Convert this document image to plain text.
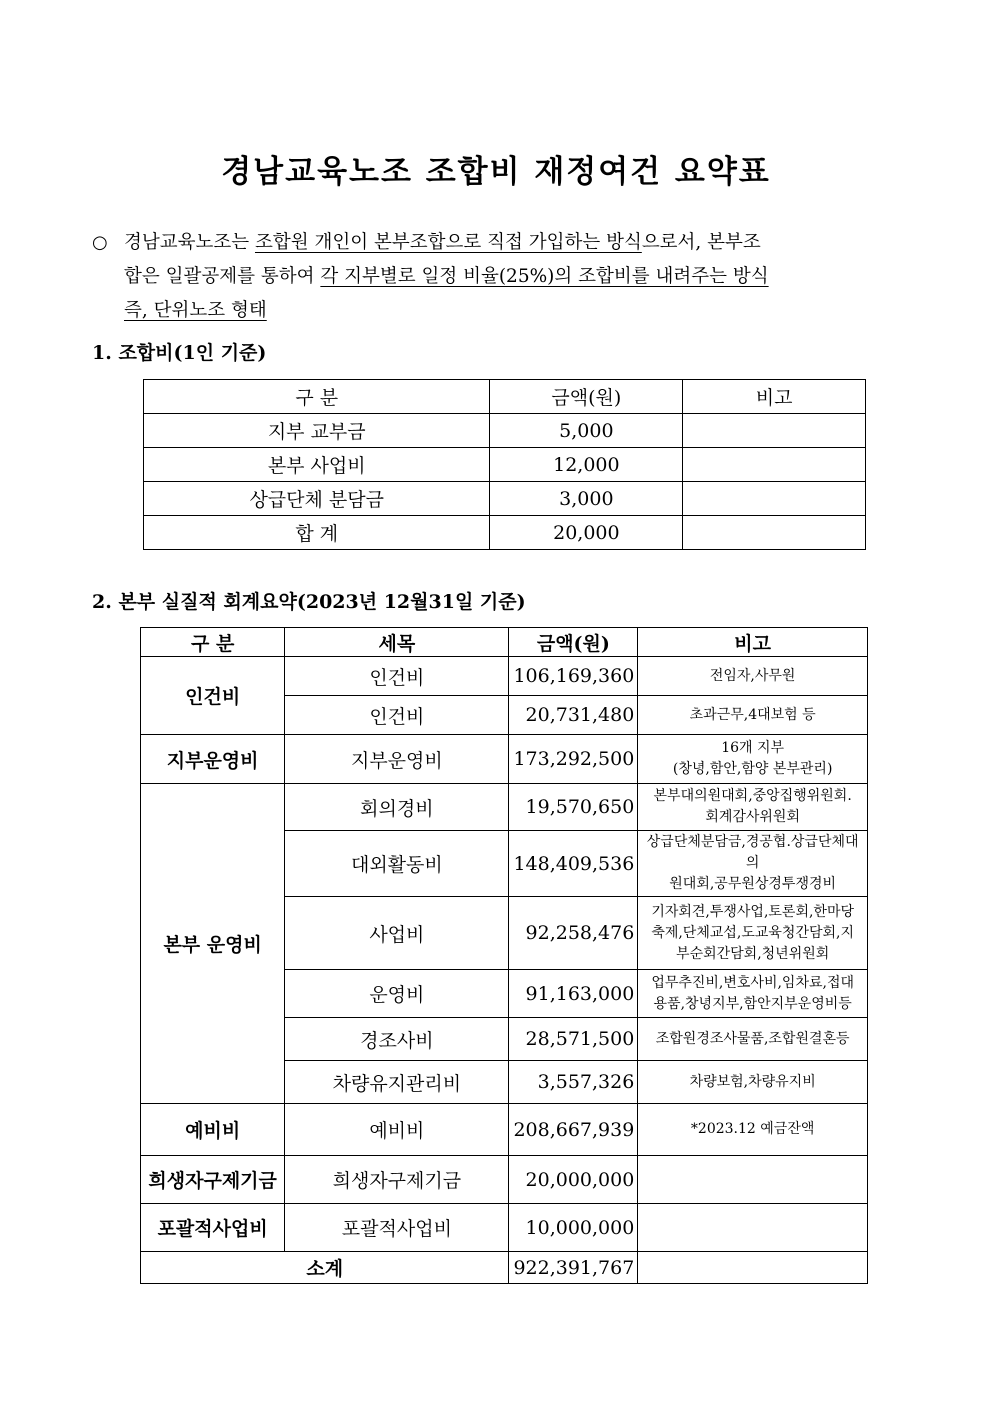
경남교육노조 조합비 재정여건 요약표
○ 경남교육노조는 조합원 개인이 본부조합으로 직접 가입하는 방식으로서, 본부조
합은 일괄공제를 통하여 각 지부별로 일정 비율(25%)의 조합비를 내려주는 방식
즉, 단위노조 형태
1. 조합비(1인 기준)
구 분	금액(원)	비고
지부 교부금	5,000	
본부 사업비	12,000	
상급단체 분담금	3,000	
합 계	20,000	
2. 본부 실질적 회계요약(2023년 12월31일 기준)
구 분	세목	금액(원)	비고
인건비	인건비	106,169,360	전임자,사무원
	인건비	20,731,480	초과근무,4대보험 등
지부운영비	지부운영비	173,292,500	16개 지부
(창녕,함안,함양 본부관리)
본부 운영비	회의경비	19,570,650	본부대의원대회,중앙집행위원회.
회계감사위원회
	대외활동비	148,409,536	상급단체분담금,경공협.상급단체대의
원대회,공무원상경투쟁경비
	사업비	92,258,476	기자회견,투쟁사업,토론회,한마당
축제,단체교섭,도교육청간담회,지
부순회간담회,청년위원회
	운영비	91,163,000	업무추진비,변호사비,임차료,접대
용품,창녕지부,함안지부운영비등
	경조사비	28,571,500	조합원경조사물품,조합원결혼등
	차량유지관리비	3,557,326	차량보험,차량유지비
예비비	예비비	208,667,939	*2023.12 예금잔액
희생자구제기금	희생자구제기금	20,000,000	
포괄적사업비	포괄적사업비	10,000,000	
소계		922,391,767	
